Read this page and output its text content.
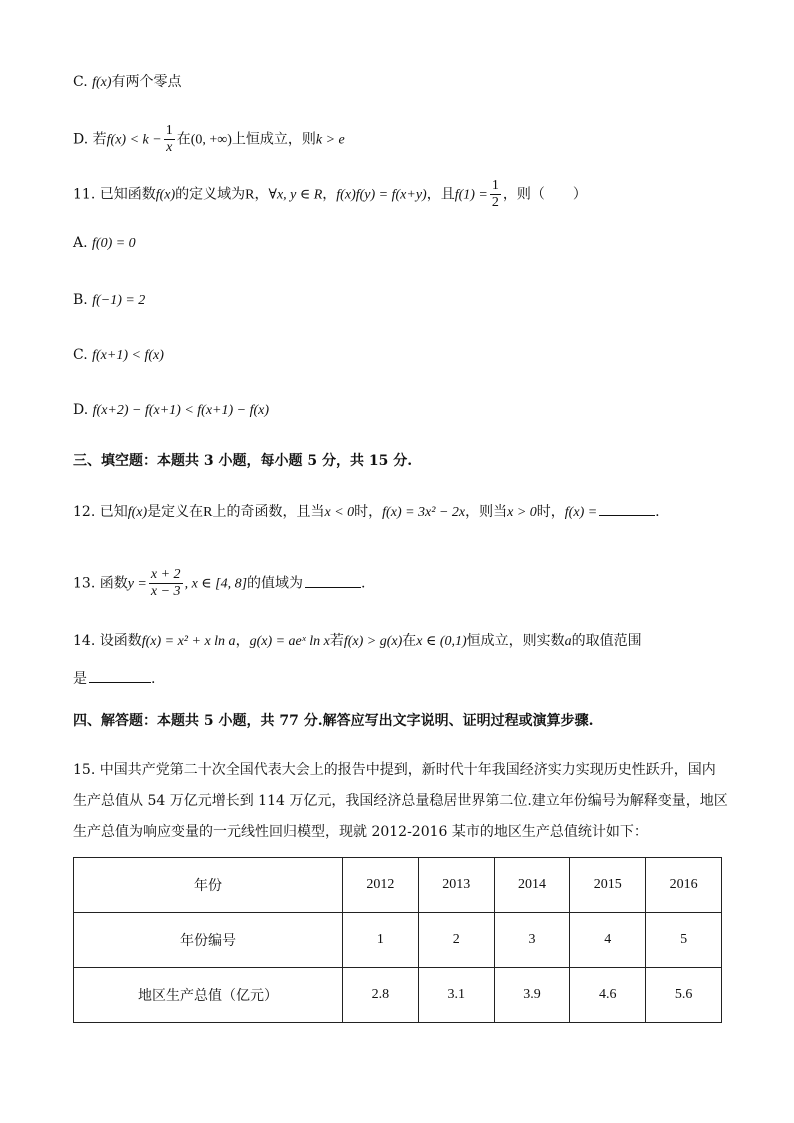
C. f(x)有两个零点
D. 若$f(x) < k - \frac{1}{x}$ 在(0, +∞)上恒成立，则k > e
11. 已知函数f(x)的定义域为R，∀x, y ∈ R，f(x)f(y) = f(x+y)，且$f(1) = \frac{1}{2}$ ，则（　　）
A. f(0) = 0
B. f(−1) = 2
C. f(x+1) < f(x)
D. f(x+2) − f(x+1) < f(x+1) − f(x)
三、填空题：本题共 3 小题，每小题 5 分，共 15 分.
12. 已知f(x)是定义在R上的奇函数，且当x < 0时，f(x) = 3x² − 2x，则当x > 0时，f(x) =	.
13. 函数$y = \frac{x + 2}{x - 3}$ , x ∈ [4, 8]的值域为	.
14. 设函数f(x) = x² + x ln a，g(x) = aeˣ ln x若f(x) > g(x)在x ∈ (0,1)恒成立，则实数a的取值范围
是	.
四、解答题：本题共 5 小题，共 77 分.解答应写出文字说明、证明过程或演算步骤.
15. 中国共产党第二十次全国代表大会上的报告中提到，新时代十年我国经济实力实现历史性跃升，国内
生产总值从 54 万亿元增长到 114 万亿元，我国经济总量稳居世界第二位.建立年份编号为解释变量，地区
生产总值为响应变量的一元线性回归模型，现就 2012-2016 某市的地区生产总值统计如下：
年份	2012	2013	2014	2015	2016
年份编号	1	2	3	4	5
地区生产总值（亿元）	2.8	3.1	3.9	4.6	5.6
